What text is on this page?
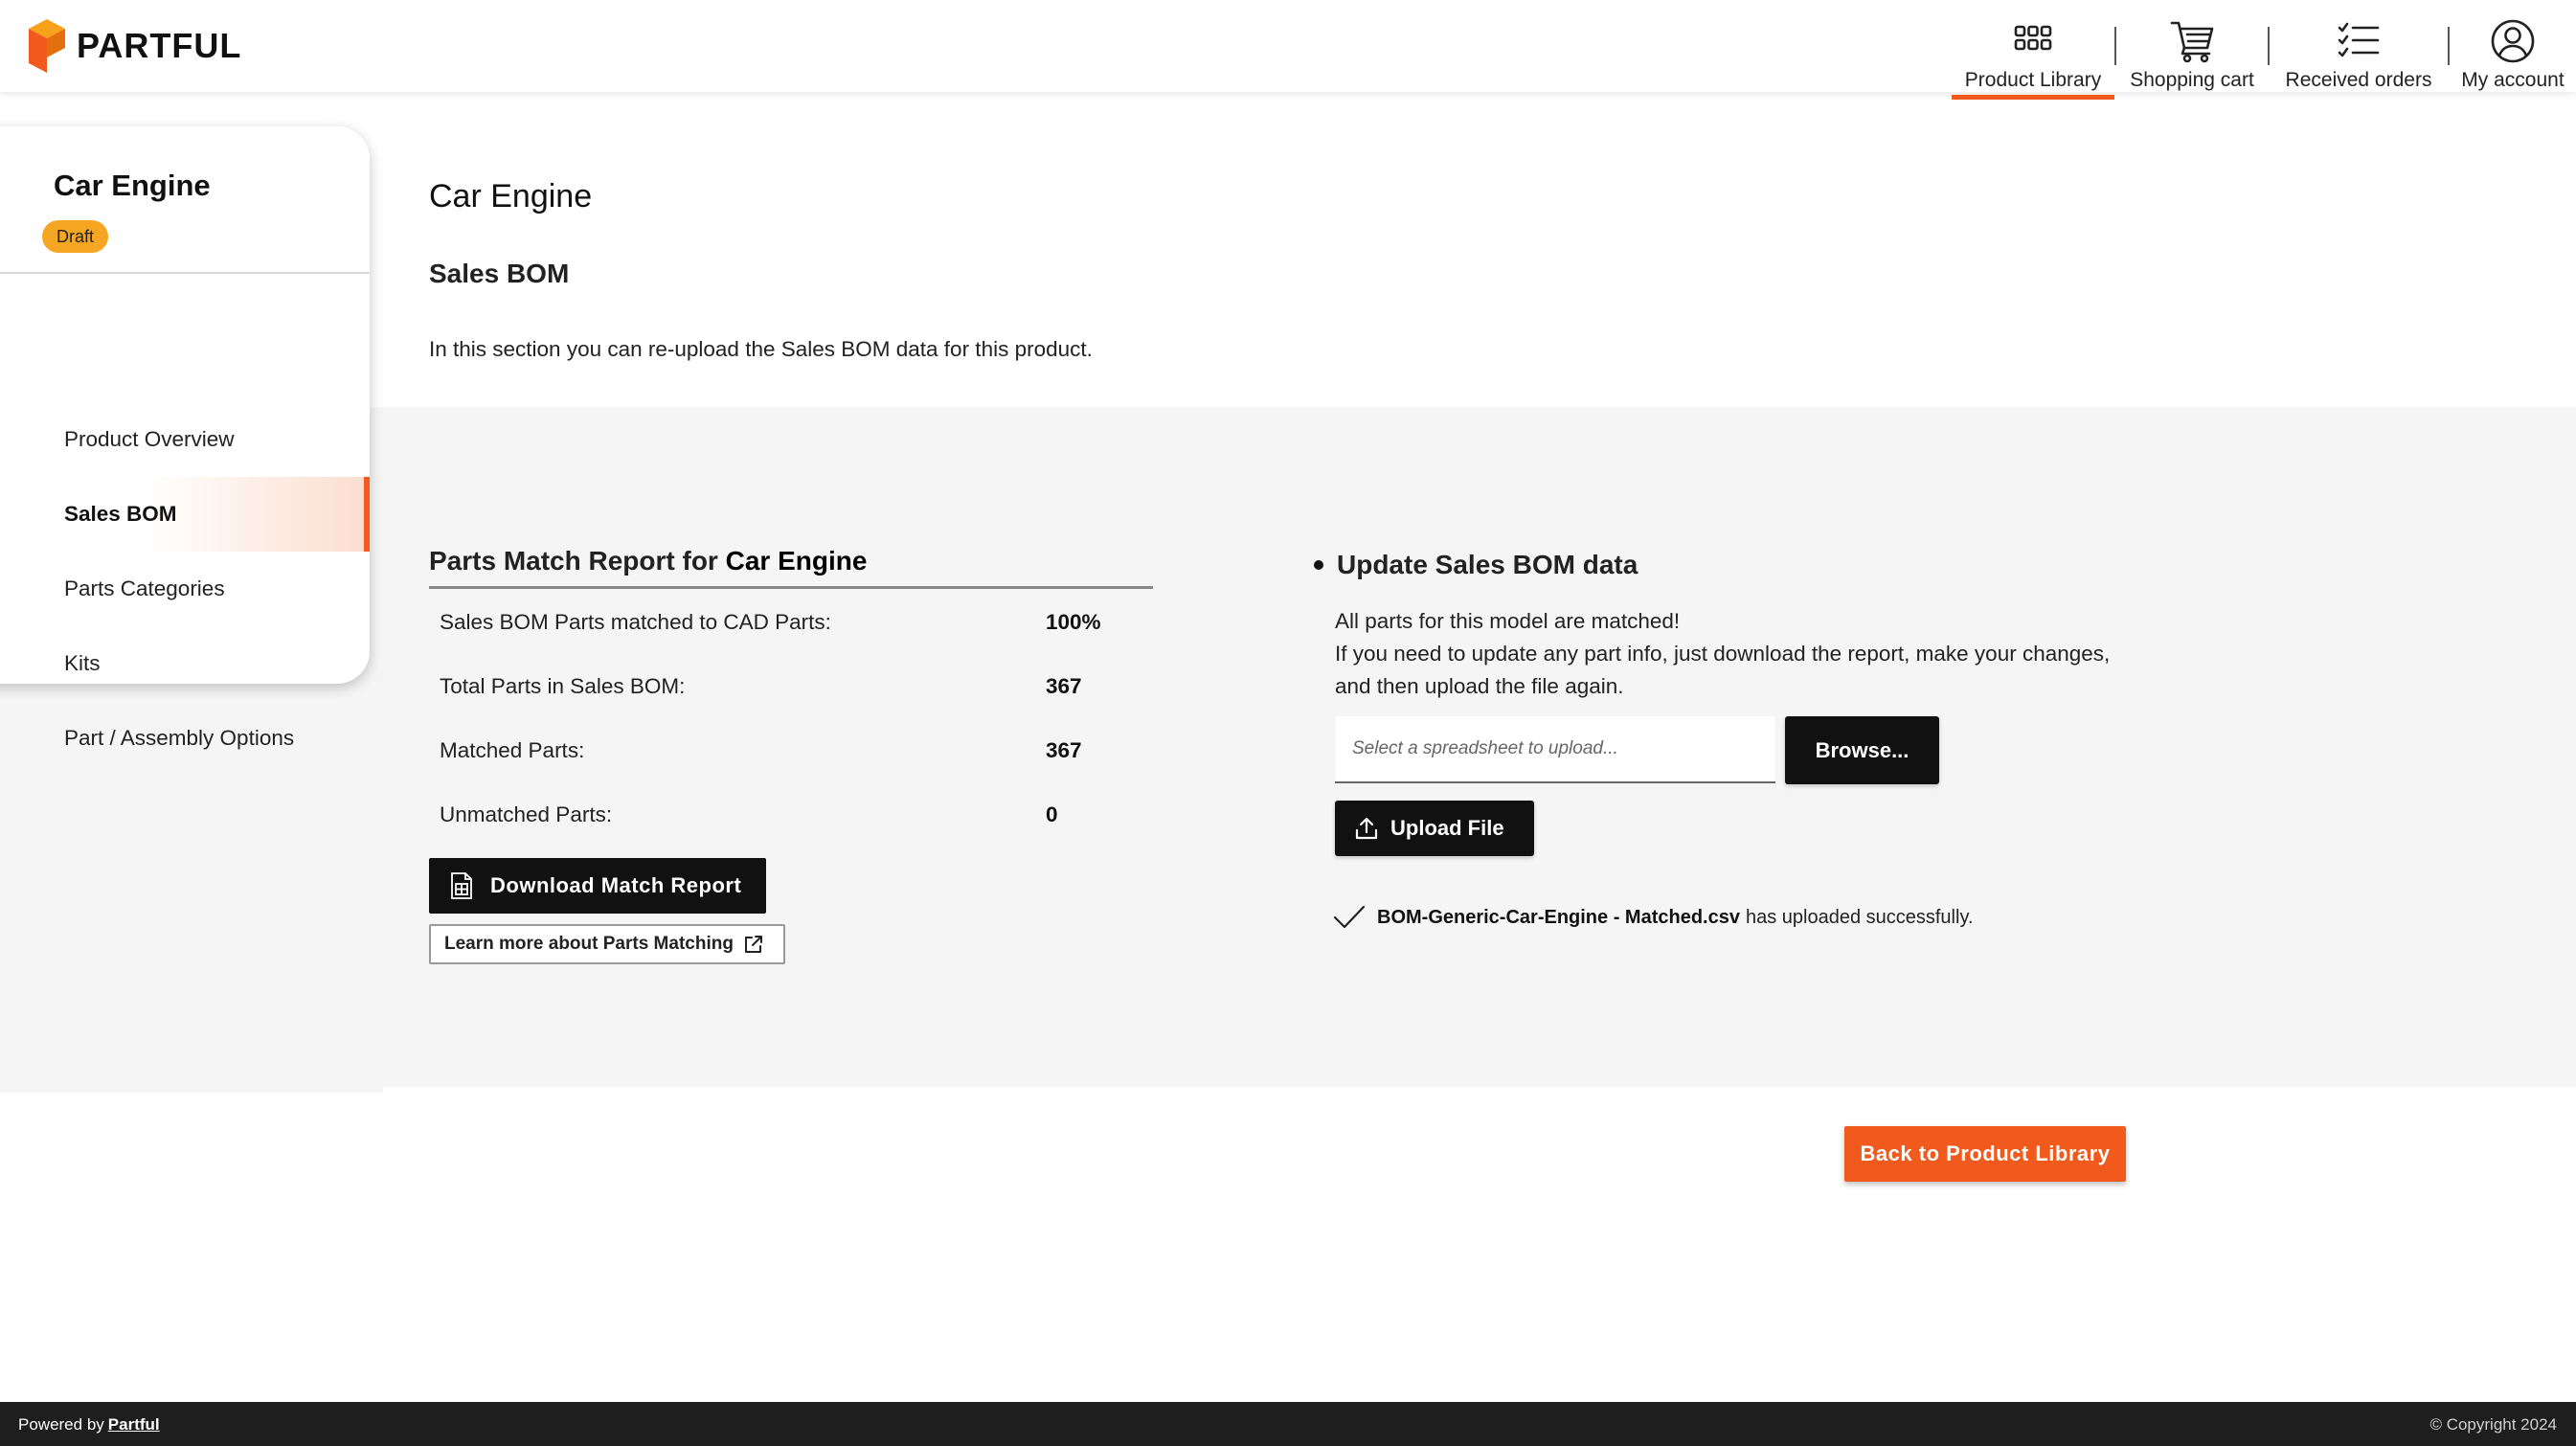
PARTFUL
Product Library Shopping cart Received orders My account
Car Engine
Draft
Product Overview
Sales BOM
Parts Categories
Kits
Part / Assembly Options
Car Engine
Sales BOM
In this section you can re-upload the Sales BOM data for this product.
Parts Match Report for Car Engine
Sales BOM Parts matched to CAD Parts:	100%
Total Parts in Sales BOM:	367
Matched Parts:	367
Unmatched Parts:	0
Download Match Report
Learn more about Parts Matching
Update Sales BOM data
All parts for this model are matched!
If you need to update any part info, just download the report, make your changes,
and then upload the file again.
Select a spreadsheet to upload...
Browse...
Upload File
BOM-Generic-Car-Engine - Matched.csv has uploaded successfully.
Back to Product Library
Powered by Partful	© Copyright 2024
